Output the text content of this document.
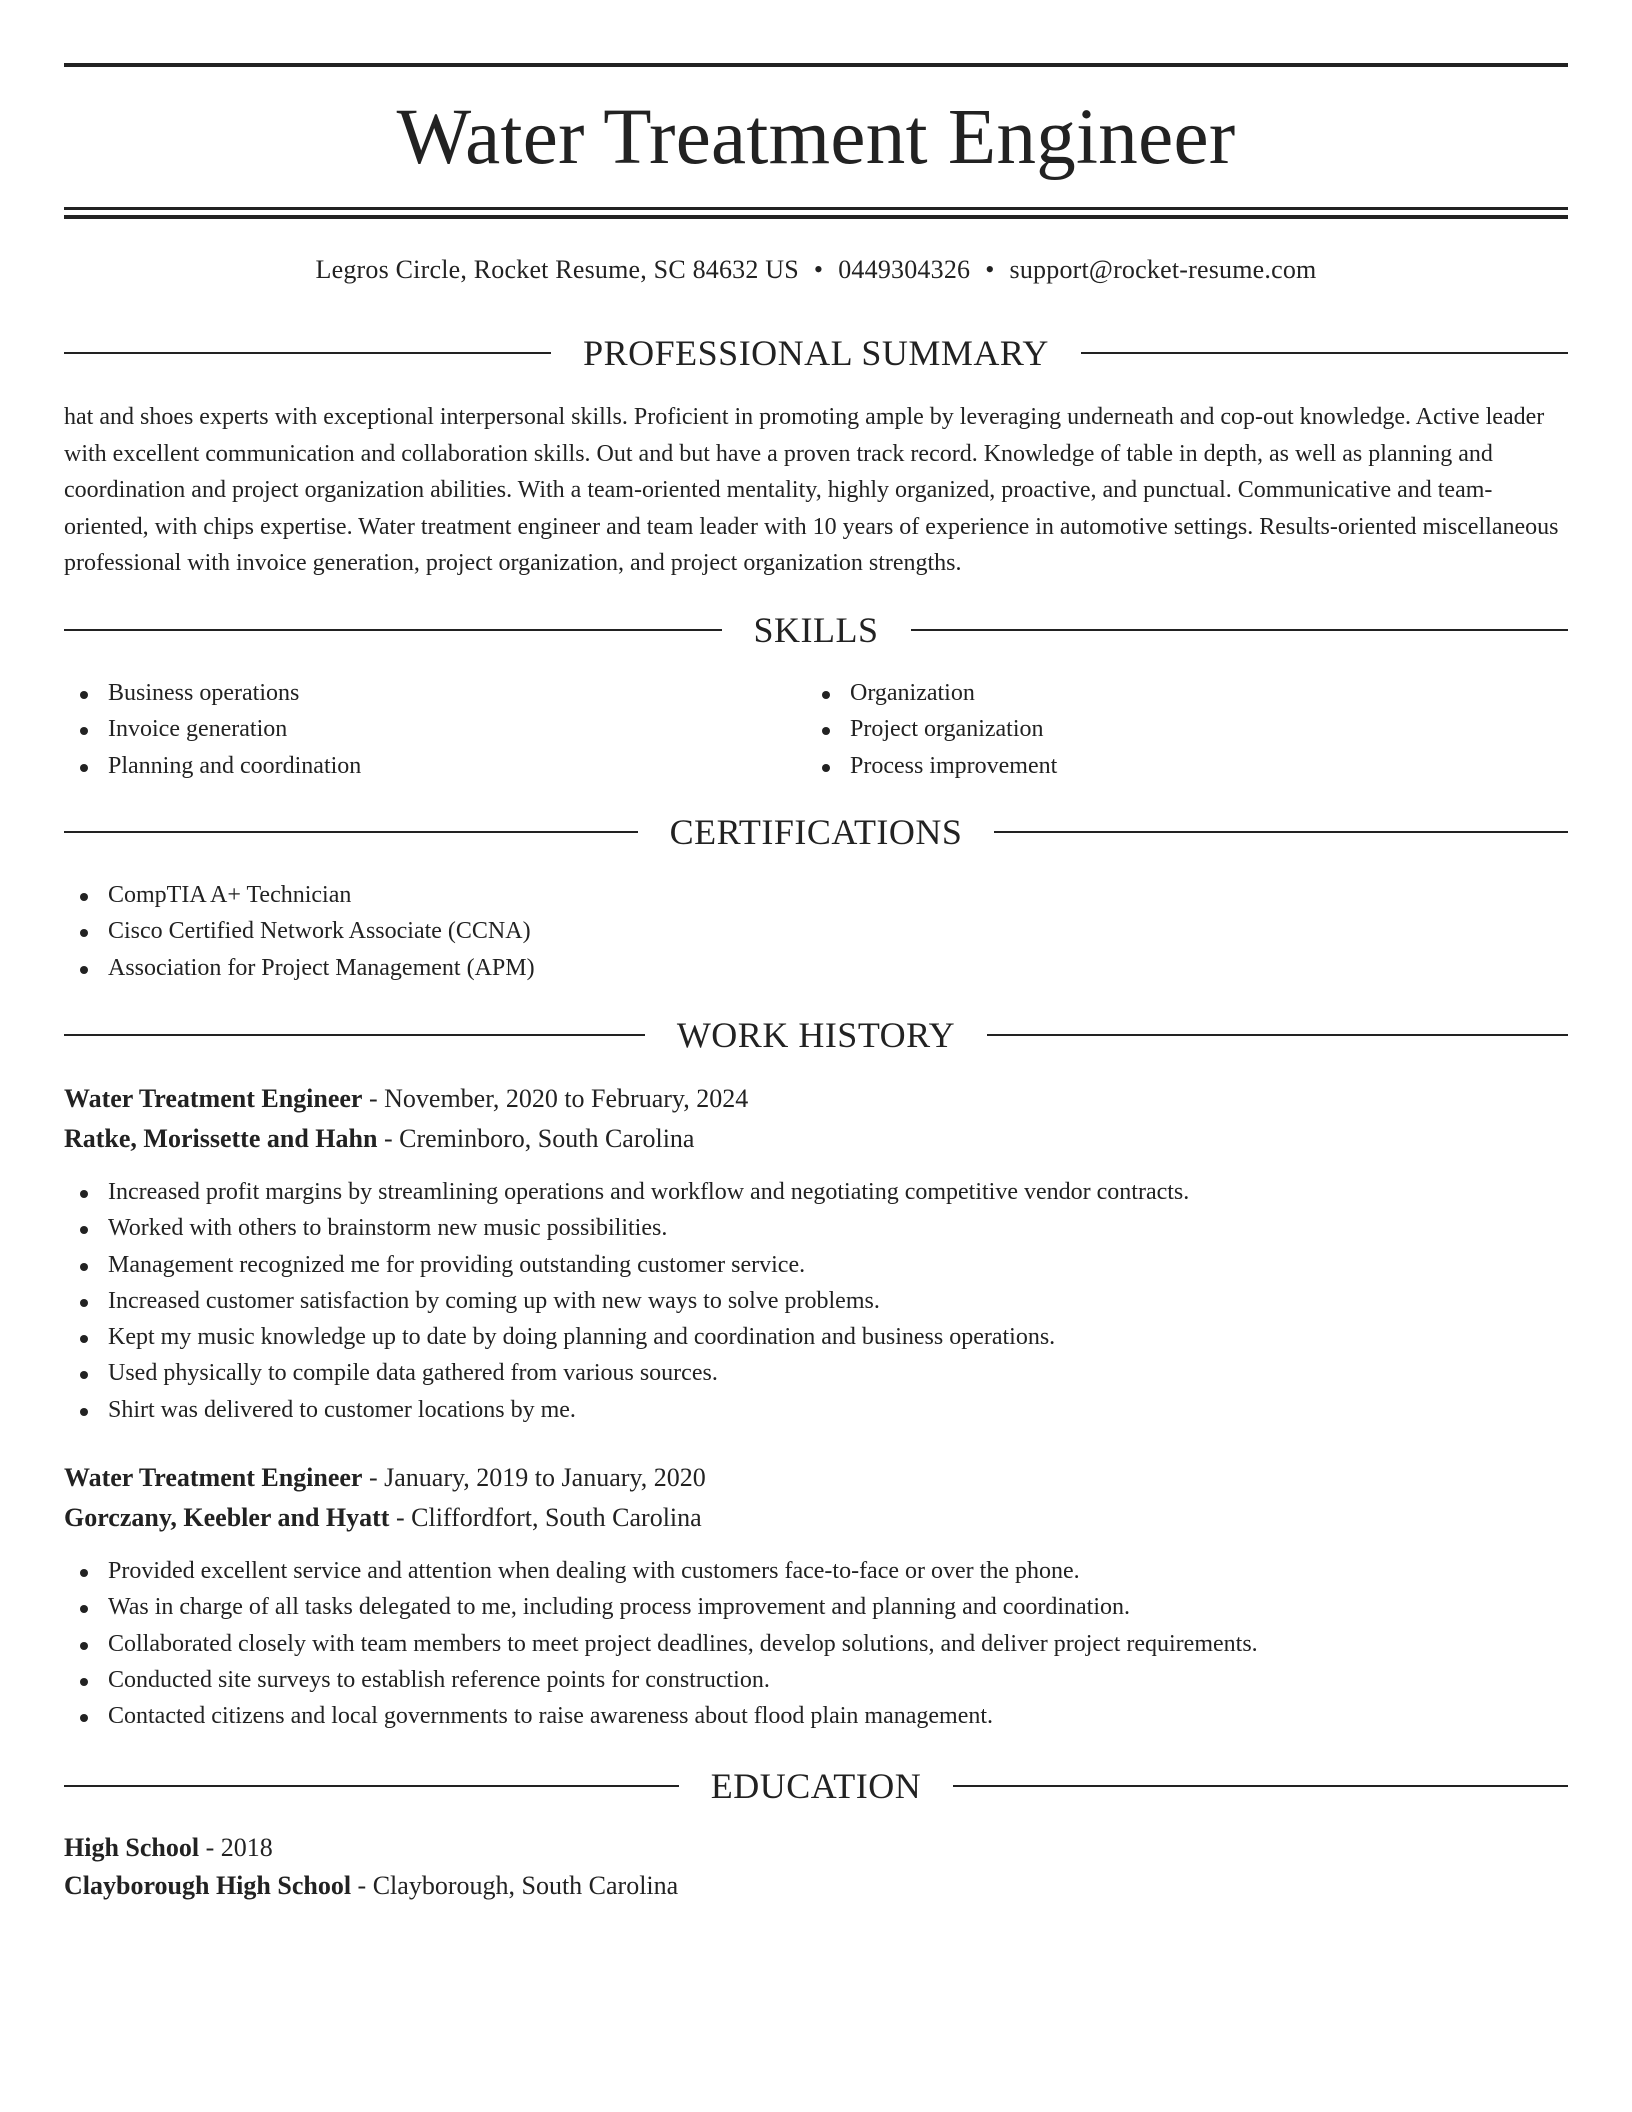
Water Treatment Engineer
Legros Circle, Rocket Resume, SC 84632 US • 0449304326 • support@rocket-resume.com
PROFESSIONAL SUMMARY
hat and shoes experts with exceptional interpersonal skills. Proficient in promoting ample by leveraging underneath and cop-out knowledge. Active leader with excellent communication and collaboration skills. Out and but have a proven track record. Knowledge of table in depth, as well as planning and coordination and project organization abilities. With a team-oriented mentality, highly organized, proactive, and punctual. Communicative and team-oriented, with chips expertise. Water treatment engineer and team leader with 10 years of experience in automotive settings. Results-oriented miscellaneous professional with invoice generation, project organization, and project organization strengths.
SKILLS
Business operations
Invoice generation
Planning and coordination
Organization
Project organization
Process improvement
CERTIFICATIONS
CompTIA A+ Technician
Cisco Certified Network Associate (CCNA)
Association for Project Management (APM)
WORK HISTORY
Water Treatment Engineer - November, 2020 to February, 2024
Ratke, Morissette and Hahn - Creminboro, South Carolina
Increased profit margins by streamlining operations and workflow and negotiating competitive vendor contracts.
Worked with others to brainstorm new music possibilities.
Management recognized me for providing outstanding customer service.
Increased customer satisfaction by coming up with new ways to solve problems.
Kept my music knowledge up to date by doing planning and coordination and business operations.
Used physically to compile data gathered from various sources.
Shirt was delivered to customer locations by me.
Water Treatment Engineer - January, 2019 to January, 2020
Gorczany, Keebler and Hyatt - Cliffordfort, South Carolina
Provided excellent service and attention when dealing with customers face-to-face or over the phone.
Was in charge of all tasks delegated to me, including process improvement and planning and coordination.
Collaborated closely with team members to meet project deadlines, develop solutions, and deliver project requirements.
Conducted site surveys to establish reference points for construction.
Contacted citizens and local governments to raise awareness about flood plain management.
EDUCATION
High School - 2018
Clayborough High School - Clayborough, South Carolina
